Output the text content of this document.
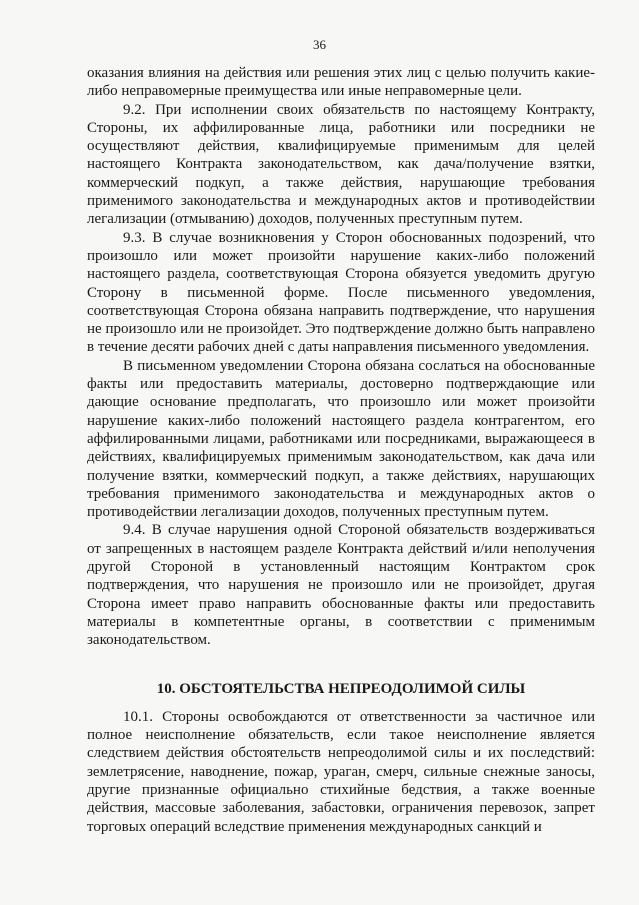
36

оказания влияния на действия или решения этих лиц с целью получить какие-либо неправомерные преимущества или иные неправомерные цели.

9.2. При исполнении своих обязательств по настоящему Контракту, Стороны, их аффилированные лица, работники или посредники не осуществляют действия, квалифицируемые применимым для целей настоящего Контракта законодательством, как дача/получение взятки, коммерческий подкуп, а также действия, нарушающие требования применимого законодательства и международных актов и противодействии легализации (отмыванию) доходов, полученных преступным путем.

9.3. В случае возникновения у Сторон обоснованных подозрений, что произошло или может произойти нарушение каких-либо положений настоящего раздела, соответствующая Сторона обязуется уведомить другую Сторону в письменной форме. После письменного уведомления, соответствующая Сторона обязана направить подтверждение, что нарушения не произошло или не произойдет. Это подтверждение должно быть направлено в течение десяти рабочих дней с даты направления письменного уведомления.

В письменном уведомлении Сторона обязана сослаться на обоснованные факты или предоставить материалы, достоверно подтверждающие или дающие основание предполагать, что произошло или может произойти нарушение каких-либо положений настоящего раздела контрагентом, его аффилированными лицами, работниками или посредниками, выражающееся в действиях, квалифицируемых применимым законодательством, как дача или получение взятки, коммерческий подкуп, а также действиях, нарушающих требования применимого законодательства и международных актов о противодействии легализации доходов, полученных преступным путем.

9.4. В случае нарушения одной Стороной обязательств воздерживаться от запрещенных в настоящем разделе Контракта действий и/или неполучения другой Стороной в установленный настоящим Контрактом срок подтверждения, что нарушения не произошло или не произойдет, другая Сторона имеет право направить обоснованные факты или предоставить материалы в компетентные органы, в соответствии с применимым законодательством.

10. ОБСТОЯТЕЛЬСТВА НЕПРЕОДОЛИМОЙ СИЛЫ

10.1. Стороны освобождаются от ответственности за частичное или полное неисполнение обязательств, если такое неисполнение является следствием действия обстоятельств непреодолимой силы и их последствий: землетрясение, наводнение, пожар, ураган, смерч, сильные снежные заносы, другие признанные официально стихийные бедствия, а также военные действия, массовые заболевания, забастовки, ограничения перевозок, запрет торговых операций вследствие применения международных санкций и
